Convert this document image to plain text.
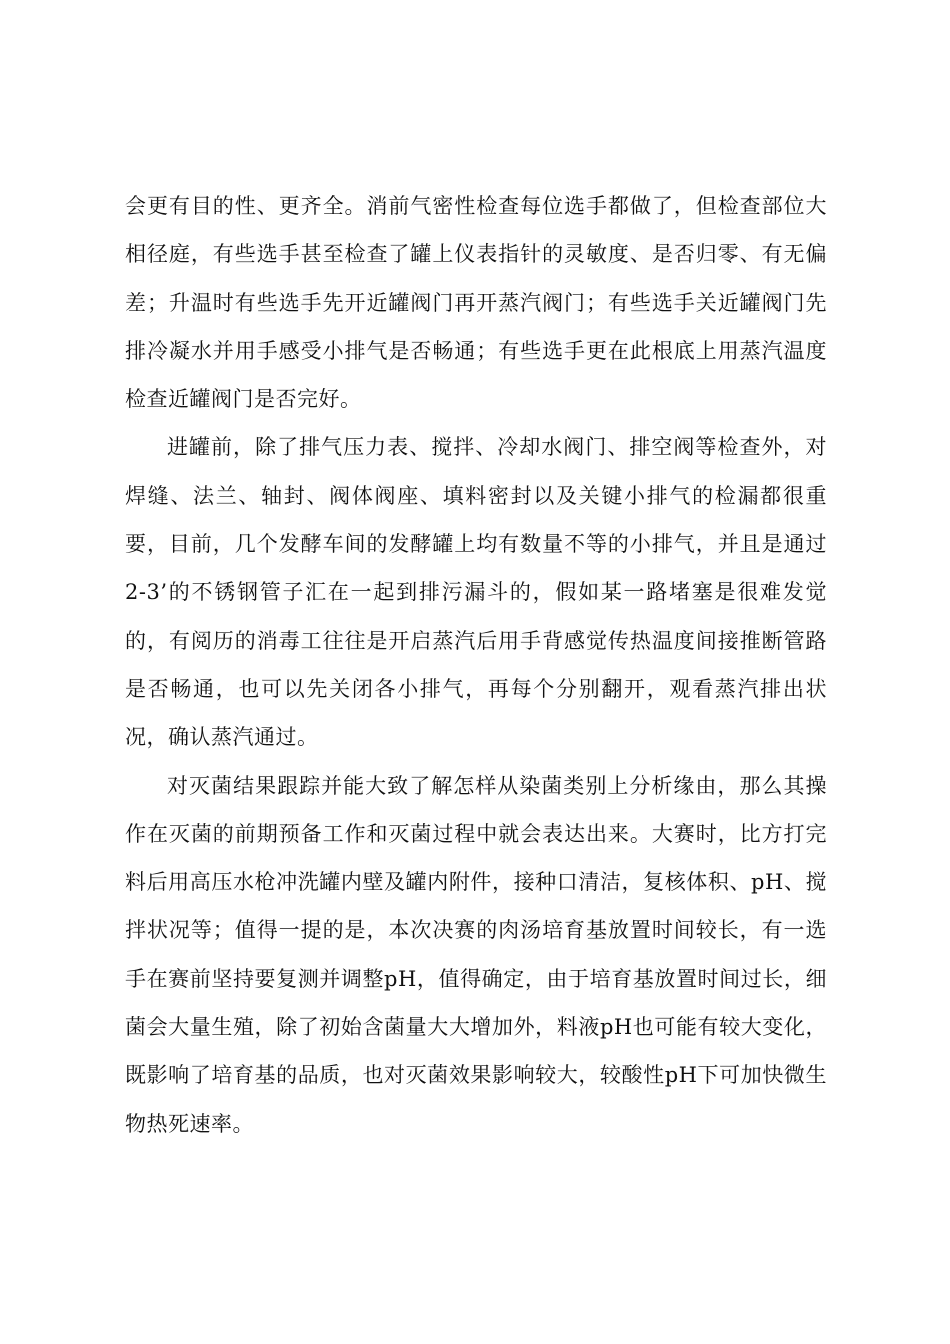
会更有目的性、更齐全。消前气密性检查每位选手都做了，但检查部位大相径庭，有些选手甚至检查了罐上仪表指针的灵敏度、是否归零、有无偏差；升温时有些选手先开近罐阀门再开蒸汽阀门；有些选手关近罐阀门先排冷凝水并用手感受小排气是否畅通；有些选手更在此根底上用蒸汽温度检查近罐阀门是否完好。

进罐前，除了排气压力表、搅拌、冷却水阀门、排空阀等检查外，对焊缝、法兰、轴封、阀体阀座、填料密封以及关键小排气的检漏都很重要，目前，几个发酵车间的发酵罐上均有数量不等的小排气，并且是通过2-3’的不锈钢管子汇在一起到排污漏斗的，假如某一路堵塞是很难发觉的，有阅历的消毒工往往是开启蒸汽后用手背感觉传热温度间接推断管路是否畅通，也可以先关闭各小排气，再每个分别翻开，观看蒸汽排出状况，确认蒸汽通过。

对灭菌结果跟踪并能大致了解怎样从染菌类别上分析缘由，那么其操作在灭菌的前期预备工作和灭菌过程中就会表达出来。大赛时，比方打完料后用高压水枪冲洗罐内壁及罐内附件，接种口清洁，复核体积、pH、搅拌状况等；值得一提的是，本次决赛的肉汤培育基放置时间较长，有一选手在赛前坚持要复测并调整pH，值得确定，由于培育基放置时间过长，细菌会大量生殖，除了初始含菌量大大增加外，料液pH也可能有较大变化，既影响了培育基的品质，也对灭菌效果影响较大，较酸性pH下可加快微生物热死速率。
